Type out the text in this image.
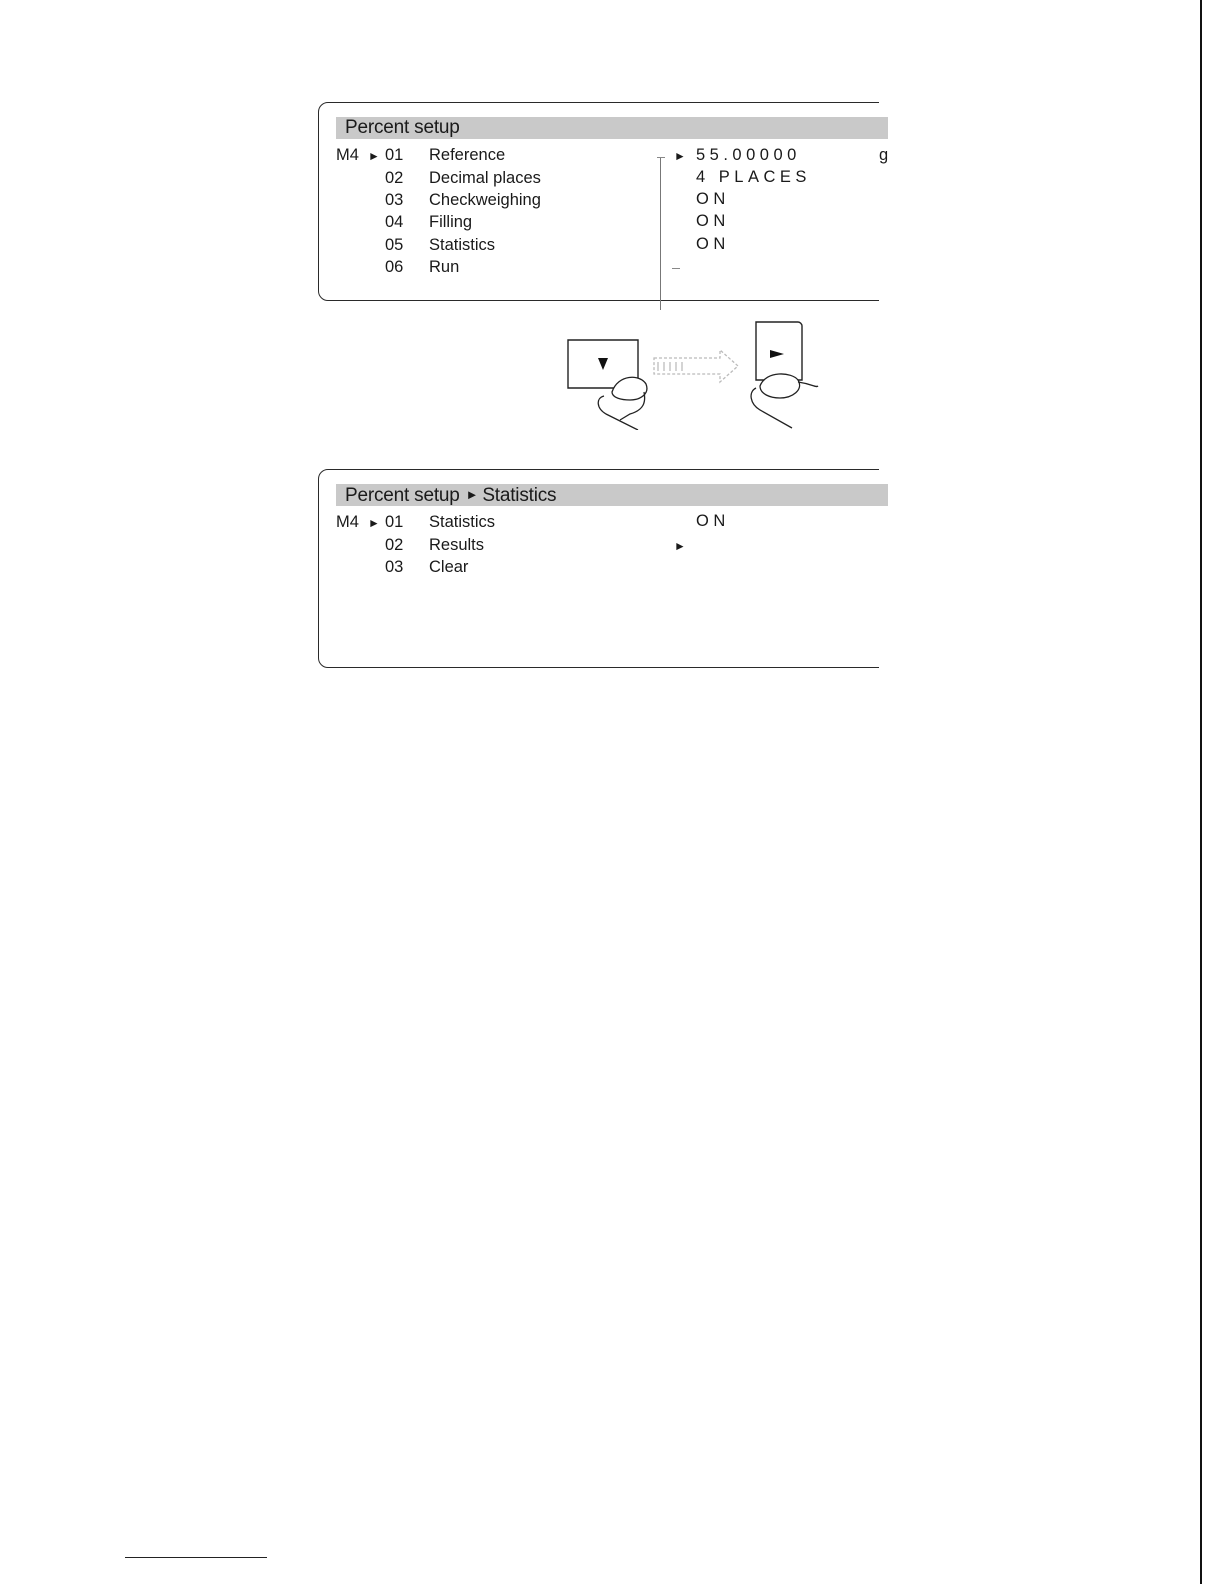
Percent setup
M4 ► 01 Reference	► 55.00000	g
02 Decimal places	4 PLACES
03 Checkweighing	ON
04 Filling	ON
05 Statistics	ON
06 Run
Percent setup ► Statistics
M4 ► 01 Statistics	ON
02 Results	►
03 Clear
